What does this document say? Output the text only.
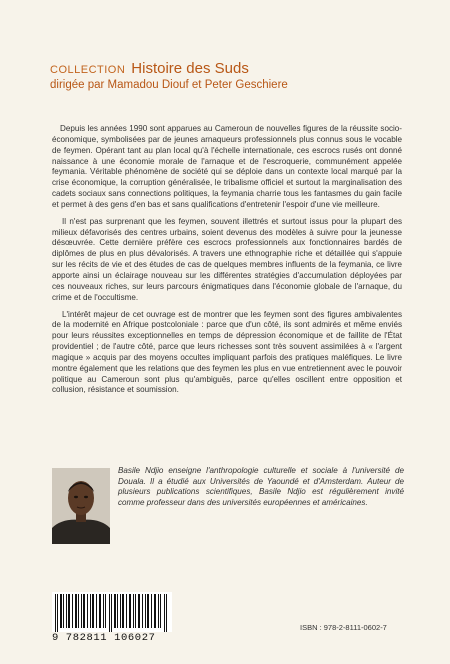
COLLECTION Histoire des Suds
dirigée par Mamadou Diouf et Peter Geschiere

Depuis les années 1990 sont apparues au Cameroun de nouvelles figures de la réussite socio-économique, symbolisées par de jeunes arnaqueurs professionnels plus connus sous le vocable de feymen. Opérant tant au plan local qu'à l'échelle internationale, ces escrocs rusés ont donné naissance à une économie morale de l'arnaque et de l'escroquerie, communément appelée feymania. Véritable phénomène de société qui se déploie dans un contexte local marqué par la crise économique, la corruption généralisée, le tribalisme officiel et surtout la marginalisation des cadets sociaux sans connections politiques, la feymania charrie tous les fantasmes du gain facile et permet à des gens d'en bas et sans qualifications d'entretenir l'espoir d'une vie meilleure.

Il n'est pas surprenant que les feymen, souvent illettrés et surtout issus pour la plupart des milieux défavorisés des centres urbains, soient devenus des modèles à suivre pour la jeunesse désœuvrée. Cette dernière préfère ces escrocs professionnels aux fonctionnaires bardés de diplômes de plus en plus dévalorisés. A travers une ethnographie riche et détaillée qui s'appuie sur les récits de vie et des études de cas de quelques membres influents de la feymania, ce livre apporte ainsi un éclairage nouveau sur les différentes stratégies d'accumulation déployées par ces nouveaux riches, sur leurs parcours énigmatiques dans l'économie globale de l'arnaque, du crime et de l'occultisme.

L'intérêt majeur de cet ouvrage est de montrer que les feymen sont des figures ambivalentes de la modernité en Afrique postcoloniale : parce que d'un côté, ils sont admirés et même enviés pour leurs réussites exceptionnelles en temps de dépression économique et de faillite de l'État providentiel ; de l'autre côté, parce que leurs richesses sont très souvent assimilées à « l'argent magique » acquis par des moyens occultes impliquant parfois des pratiques maléfiques. Le livre montre également que les relations que des feymen les plus en vue entretiennent avec le pouvoir politique au Cameroun sont plus qu'ambiguës, parce qu'elles oscillent entre opposition et collusion, résistance et soumission.

Basile Ndjio enseigne l'anthropologie culturelle et sociale à l'université de Douala. Il a étudié aux Universités de Yaoundé et d'Amsterdam. Auteur de plusieurs publications scientifiques, Basile Ndjio est régulièrement invité comme professeur dans des universités européennes et américaines.
9 782811 106027
ISBN : 978-2-8111-0602-7
